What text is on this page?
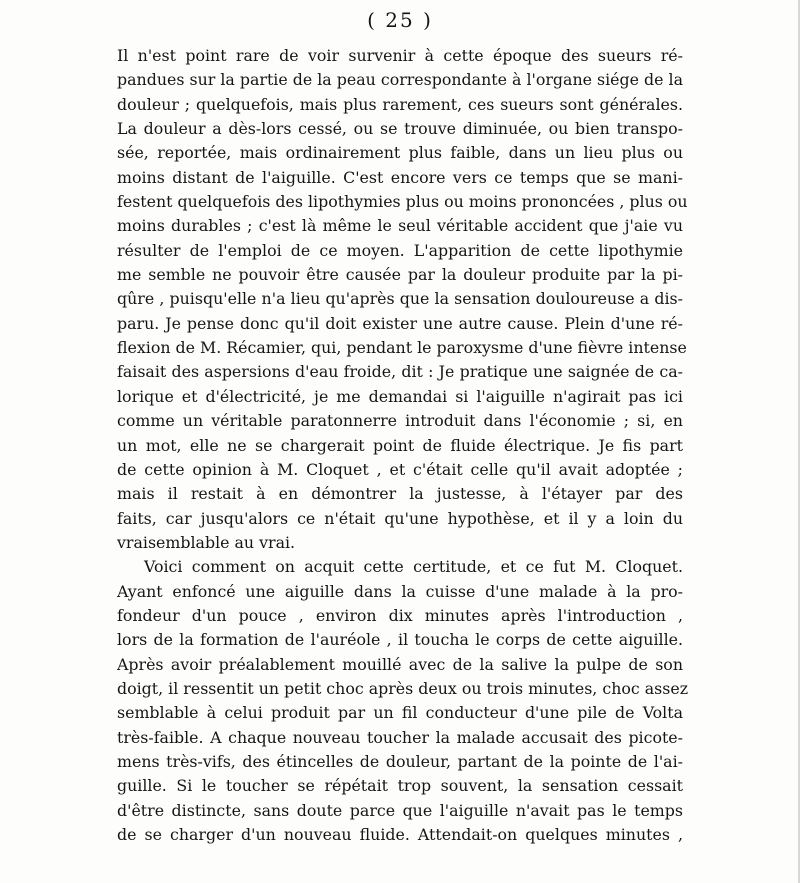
( 25 )
Il n'est point rare de voir survenir à cette époque des sueurs ré-
pandues sur la partie de la peau correspondante à l'organe siége de la
douleur ; quelquefois, mais plus rarement, ces sueurs sont générales.
La douleur a dès-lors cessé, ou se trouve diminuée, ou bien transpo-
sée, reportée, mais ordinairement plus faible, dans un lieu plus ou
moins distant de l'aiguille. C'est encore vers ce temps que se mani-
festent quelquefois des lipothymies plus ou moins prononcées , plus ou
moins durables ; c'est là même le seul véritable accident que j'aie vu
résulter de l'emploi de ce moyen. L'apparition de cette lipothymie
me semble ne pouvoir être causée par la douleur produite par la pi-
qûre , puisqu'elle n'a lieu qu'après que la sensation douloureuse a dis-
paru. Je pense donc qu'il doit exister une autre cause. Plein d'une ré-
flexion de M. Récamier, qui, pendant le paroxysme d'une fièvre intense
faisait des aspersions d'eau froide, dit : Je pratique une saignée de ca-
lorique et d'électricité, je me demandai si l'aiguille n'agirait pas ici
comme un véritable paratonnerre introduit dans l'économie ; si, en
un mot, elle ne se chargerait point de fluide électrique. Je fis part
de cette opinion à M. Cloquet , et c'était celle qu'il avait adoptée ;
mais il restait à en démontrer la justesse, à l'étayer par des
faits, car jusqu'alors ce n'était qu'une hypothèse, et il y a loin du
vraisemblable au vrai.
Voici comment on acquit cette certitude, et ce fut M. Cloquet.
Ayant enfoncé une aiguille dans la cuisse d'une malade à la pro-
fondeur d'un pouce , environ dix minutes après l'introduction ,
lors de la formation de l'auréole , il toucha le corps de cette aiguille.
Après avoir préalablement mouillé avec de la salive la pulpe de son
doigt, il ressentit un petit choc après deux ou trois minutes, choc assez
semblable à celui produit par un fil conducteur d'une pile de Volta
très-faible. A chaque nouveau toucher la malade accusait des picote-
mens très-vifs, des étincelles de douleur, partant de la pointe de l'ai-
guille. Si le toucher se répétait trop souvent, la sensation cessait
d'être distincte, sans doute parce que l'aiguille n'avait pas le temps
de se charger d'un nouveau fluide. Attendait-on quelques minutes ,
